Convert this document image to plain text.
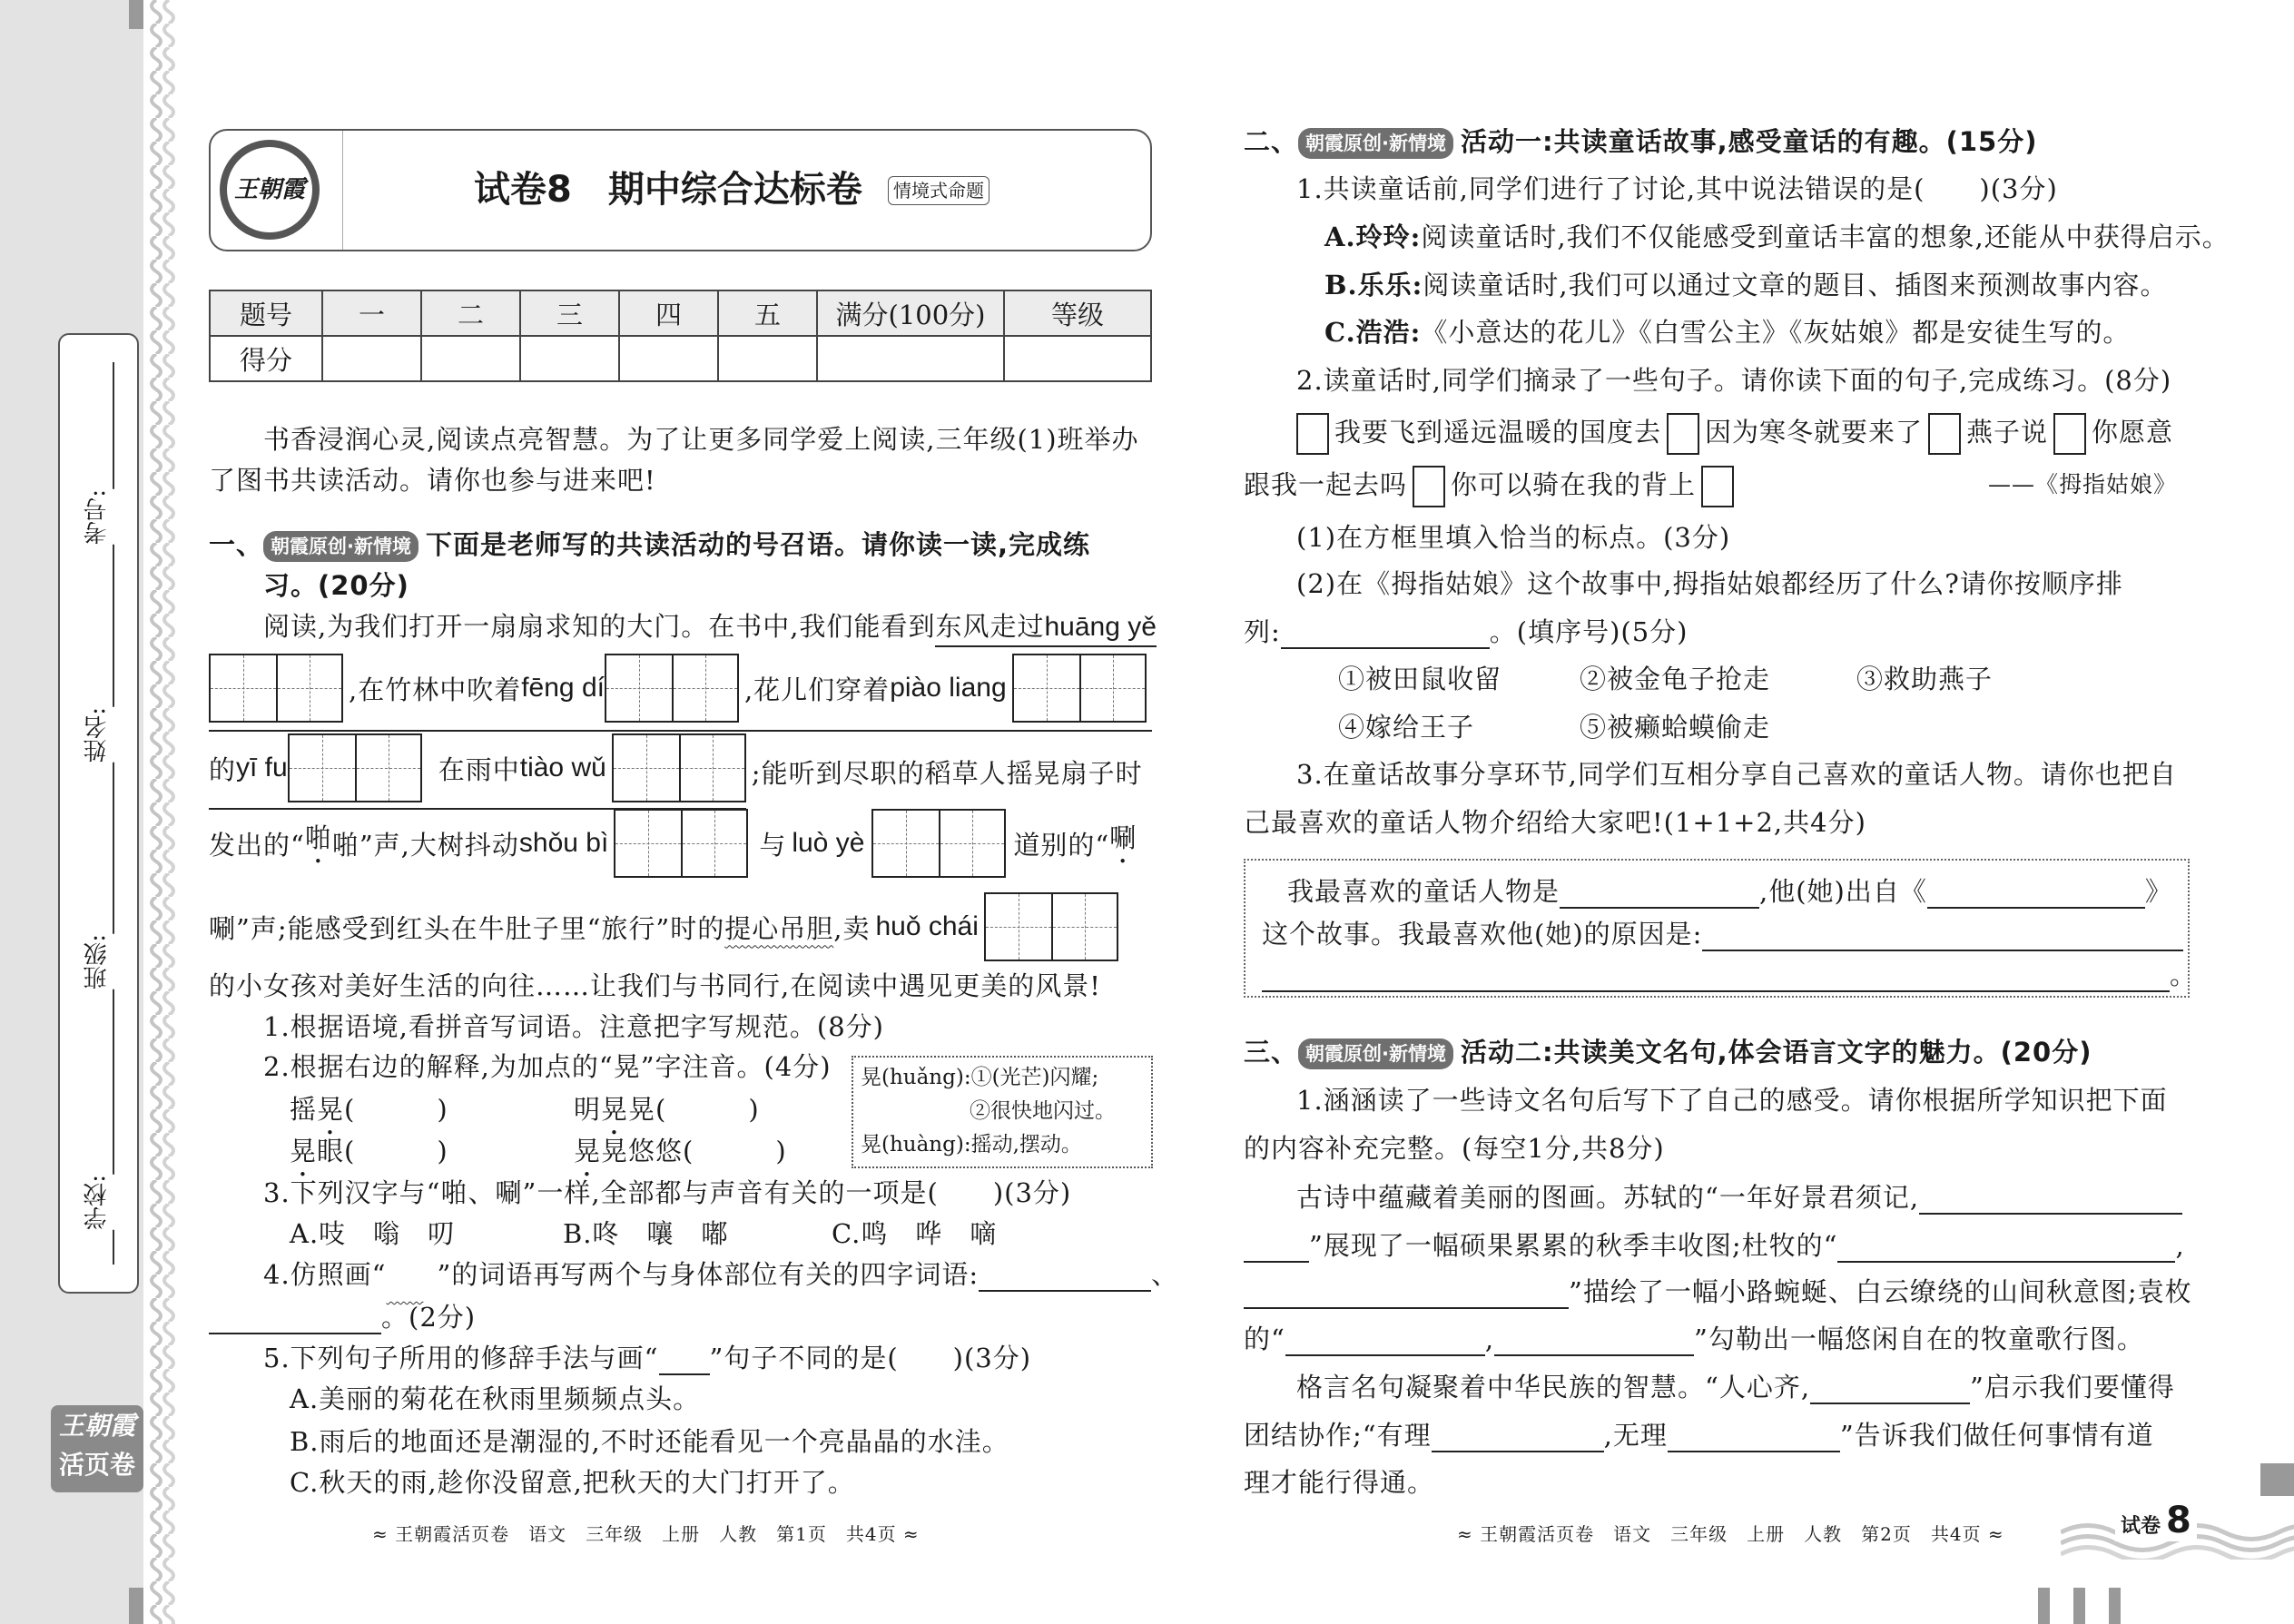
考号:
姓名:
班级:
学校:
王朝霞
活页卷
王朝霞	试卷8　期中综合达标卷	情境式命题
题号	一	二	三	四	五	满分(100分)	等级
得分							
书香浸润心灵,阅读点亮智慧。为了让更多同学爱上阅读,三年级(1)班举办
了图书共读活动。请你也参与进来吧!
一、 朝霞原创·新情境 下面是老师写的共读活动的号召语。请你读一读,完成练
习。(20分)
阅读,为我们打开一扇扇求知的大门。在书中,我们能看到东风走过huāng yě
,在竹林中吹着 fēng dí	,花儿们穿着 piào liang
的 yī fu	在雨中 tiào wǔ	;能听到尽职的稻草人摇晃扇子时
发出的“ 啪 啪”声,大树抖动 shǒu bì	与 luò yè	道别的“ 唰
唰”声;能感受到红头在牛肚子里“旅行”时的 提心吊胆 ,卖 huǒ chái
的小女孩对美好生活的向往……让我们与书同行,在阅读中遇见更美的风景!
1.根据语境,看拼音写词语。注意把字写规范。(8分)
2.根据右边的解释,为加点的“晃”字注音。(4分)
摇晃(　　　)	明晃晃(　　　)
晃眼(　　　)	晃晃悠悠(　　　)
晃(huǎng):①(光芒)闪耀;
②很快地闪过。
晃(huàng):摇动,摆动。
3.下列汉字与“啪、唰”一样,全部都与声音有关的一项是(　　)(3分)
A.吱　嗡　叨	B.咚　嚷　嘟	C.鸣　哗　嘀
4.仿照画“ ”的词语再写两个与身体部位有关的四字词语:	、
。(2分)
5.下列句子所用的修辞手法与画“ ”句子不同的是(　　)(3分)
A.美丽的菊花在秋雨里频频点头。
B.雨后的地面还是潮湿的,不时还能看见一个亮晶晶的水洼。
C.秋天的雨,趁你没留意,把秋天的大门打开了。
≈ 王朝霞活页卷　语文　三年级　上册　人教　第1页　共4页 ≈
二、 朝霞原创·新情境 活动一:共读童话故事,感受童话的有趣。(15分)
1.共读童话前,同学们进行了讨论,其中说法错误的是(　　)(3分)
A.玲玲:阅读童话时,我们不仅能感受到童话丰富的想象,还能从中获得启示。
B.乐乐:阅读童话时,我们可以通过文章的题目、插图来预测故事内容。
C.浩浩:《小意达的花儿》《白雪公主》《灰姑娘》都是安徒生写的。
2.读童话时,同学们摘录了一些句子。请你读下面的句子,完成练习。(8分)
我要飞到遥远温暖的国度去 因为寒冬就要来了 燕子说 你愿意
跟我一起去吗 你可以骑在我的背上	——《拇指姑娘》
(1)在方框里填入恰当的标点。(3分)
(2)在《拇指姑娘》这个故事中,拇指姑娘都经历了什么?请你按顺序排
列:	。(填序号)(5分)
①被田鼠收留	②被金龟子抢走	③救助燕子
④嫁给王子	⑤被癞蛤蟆偷走
3.在童话故事分享环节,同学们互相分享自己喜欢的童话人物。请你也把自
己最喜欢的童话人物介绍给大家吧!(1+1+2,共4分)
我最喜欢的童话人物是	,他(她)出自《	》
这个故事。我最喜欢他(她)的原因是:
。
三、 朝霞原创·新情境 活动二:共读美文名句,体会语言文字的魅力。(20分)
1.涵涵读了一些诗文名句后写下了自己的感受。请你根据所学知识把下面
的内容补充完整。(每空1分,共8分)
古诗中蕴藏着美丽的图画。苏轼的“一年好景君须记,
”展现了一幅硕果累累的秋季丰收图;杜牧的“	,
”描绘了一幅小路蜿蜒、白云缭绕的山间秋意图;袁枚
的“	,	”勾勒出一幅悠闲自在的牧童歌行图。
格言名句凝聚着中华民族的智慧。“人心齐,	”启示我们要懂得
团结协作;“有理	,无理	”告诉我们做任何事情有道
理才能行得通。
≈ 王朝霞活页卷　语文　三年级　上册　人教　第2页　共4页 ≈	试卷 8
